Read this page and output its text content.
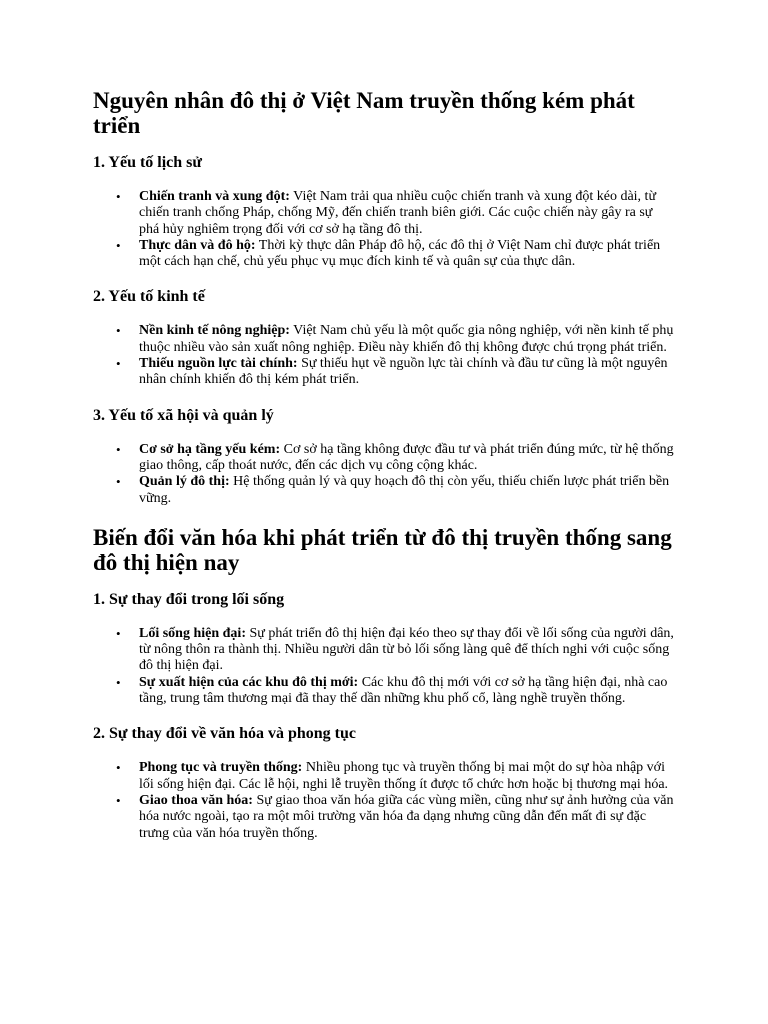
Nguyên nhân đô thị ở Việt Nam truyền thống kém phát triển
1. Yếu tố lịch sử
• Chiến tranh và xung đột: Việt Nam trải qua nhiều cuộc chiến tranh và xung đột kéo dài, từ chiến tranh chống Pháp, chống Mỹ, đến chiến tranh biên giới. Các cuộc chiến này gây ra sự phá hủy nghiêm trọng đối với cơ sở hạ tầng đô thị.
• Thực dân và đô hộ: Thời kỳ thực dân Pháp đô hộ, các đô thị ở Việt Nam chỉ được phát triển một cách hạn chế, chủ yếu phục vụ mục đích kinh tế và quân sự của thực dân.
2. Yếu tố kinh tế
• Nền kinh tế nông nghiệp: Việt Nam chủ yếu là một quốc gia nông nghiệp, với nền kinh tế phụ thuộc nhiều vào sản xuất nông nghiệp. Điều này khiến đô thị không được chú trọng phát triển.
• Thiếu nguồn lực tài chính: Sự thiếu hụt về nguồn lực tài chính và đầu tư cũng là một nguyên nhân chính khiến đô thị kém phát triển.
3. Yếu tố xã hội và quản lý
• Cơ sở hạ tầng yếu kém: Cơ sở hạ tầng không được đầu tư và phát triển đúng mức, từ hệ thống giao thông, cấp thoát nước, đến các dịch vụ công cộng khác.
• Quản lý đô thị: Hệ thống quản lý và quy hoạch đô thị còn yếu, thiếu chiến lược phát triển bền vững.
Biến đổi văn hóa khi phát triển từ đô thị truyền thống sang đô thị hiện nay
1. Sự thay đổi trong lối sống
• Lối sống hiện đại: Sự phát triển đô thị hiện đại kéo theo sự thay đổi về lối sống của người dân, từ nông thôn ra thành thị. Nhiều người dân từ bỏ lối sống làng quê để thích nghi với cuộc sống đô thị hiện đại.
• Sự xuất hiện của các khu đô thị mới: Các khu đô thị mới với cơ sở hạ tầng hiện đại, nhà cao tầng, trung tâm thương mại đã thay thế dần những khu phố cổ, làng nghề truyền thống.
2. Sự thay đổi về văn hóa và phong tục
• Phong tục và truyền thống: Nhiều phong tục và truyền thống bị mai một do sự hòa nhập với lối sống hiện đại. Các lễ hội, nghi lễ truyền thống ít được tổ chức hơn hoặc bị thương mại hóa.
• Giao thoa văn hóa: Sự giao thoa văn hóa giữa các vùng miền, cũng như sự ảnh hưởng của văn hóa nước ngoài, tạo ra một môi trường văn hóa đa dạng nhưng cũng dẫn đến mất đi sự đặc trưng của văn hóa truyền thống.
